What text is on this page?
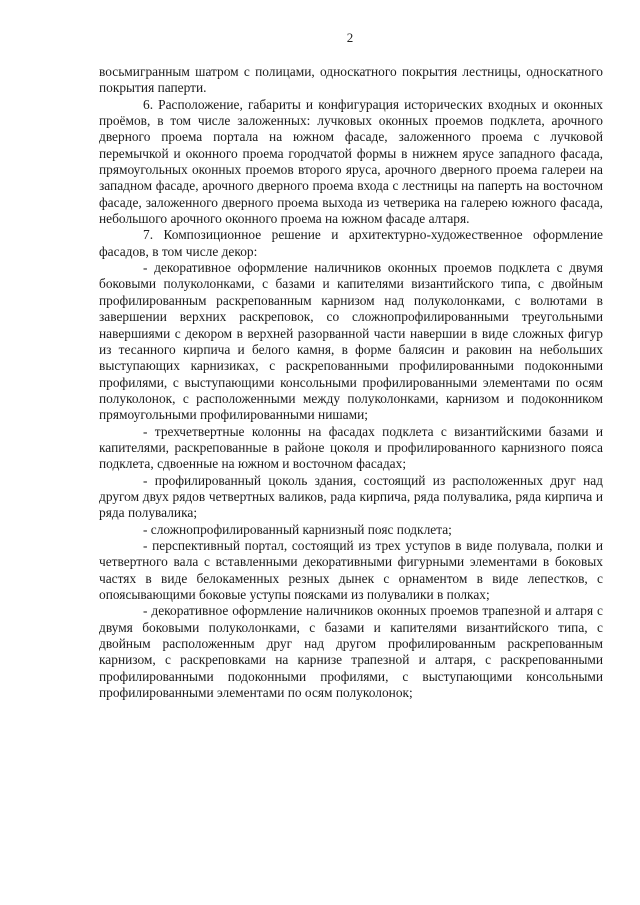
2

восьмигранным шатром с полицами, односкатного покрытия лестницы, односкатного покрытия паперти.

6. Расположение, габариты и конфигурация исторических входных и оконных проёмов, в том числе заложенных: лучковых оконных проемов подклета, арочного дверного проема портала на южном фасаде, заложенного проема с лучковой перемычкой и оконного проема городчатой формы в нижнем ярусе западного фасада, прямоугольных оконных проемов второго яруса, арочного дверного проема галереи на западном фасаде, арочного дверного проема входа с лестницы на паперть на восточном фасаде, заложенного дверного проема выхода из четверика на галерею южного фасада, небольшого арочного оконного проема на южном фасаде алтаря.

7. Композиционное решение и архитектурно-художественное оформление фасадов, в том числе декор:

- декоративное оформление наличников оконных проемов подклета с двумя боковыми полуколонками, с базами и капителями византийского типа, с двойным профилированным раскрепованным карнизом над полуколонками, с волютами в завершении верхних раскреповок, со сложнопрофилированными треугольными навершиями с декором в верхней разорванной части навершии в виде сложных фигур из тесанного кирпича и белого камня, в форме балясин и раковин на небольших выступающих карнизиках, с раскрепованными профилированными подоконными профилями, с выступающими консольными профилированными элементами по осям полуколонок, с расположенными между полуколонками, карнизом и подоконником прямоугольными профилированными нишами;

- трехчетвертные колонны на фасадах подклета с византийскими базами и капителями, раскрепованные в районе цоколя и профилированного карнизного пояса подклета, сдвоенные на южном и восточном фасадах;

- профилированный цоколь здания, состоящий из расположенных друг над другом двух рядов четвертных валиков, рада кирпича, ряда полувалика, ряда кирпича и ряда полувалика;

- сложнопрофилированный карнизный пояс подклета;

- перспективный портал, состоящий из трех уступов в виде полувала, полки и четвертного вала с вставленными декоративными фигурными элементами в боковых частях в виде белокаменных резных дынек с орнаментом в виде лепестков, с опоясывающими боковые уступы поясками из полувалики в полках;

- декоративное оформление наличников оконных проемов трапезной и алтаря с двумя боковыми полуколонками, с базами и капителями византийского типа, с двойным расположенным друг над другом профилированным раскрепованным карнизом, с раскреповками на карнизе трапезной и алтаря, с раскрепованными профилированными подоконными профилями, с выступающими консольными профилированными элементами по осям полуколонок;
